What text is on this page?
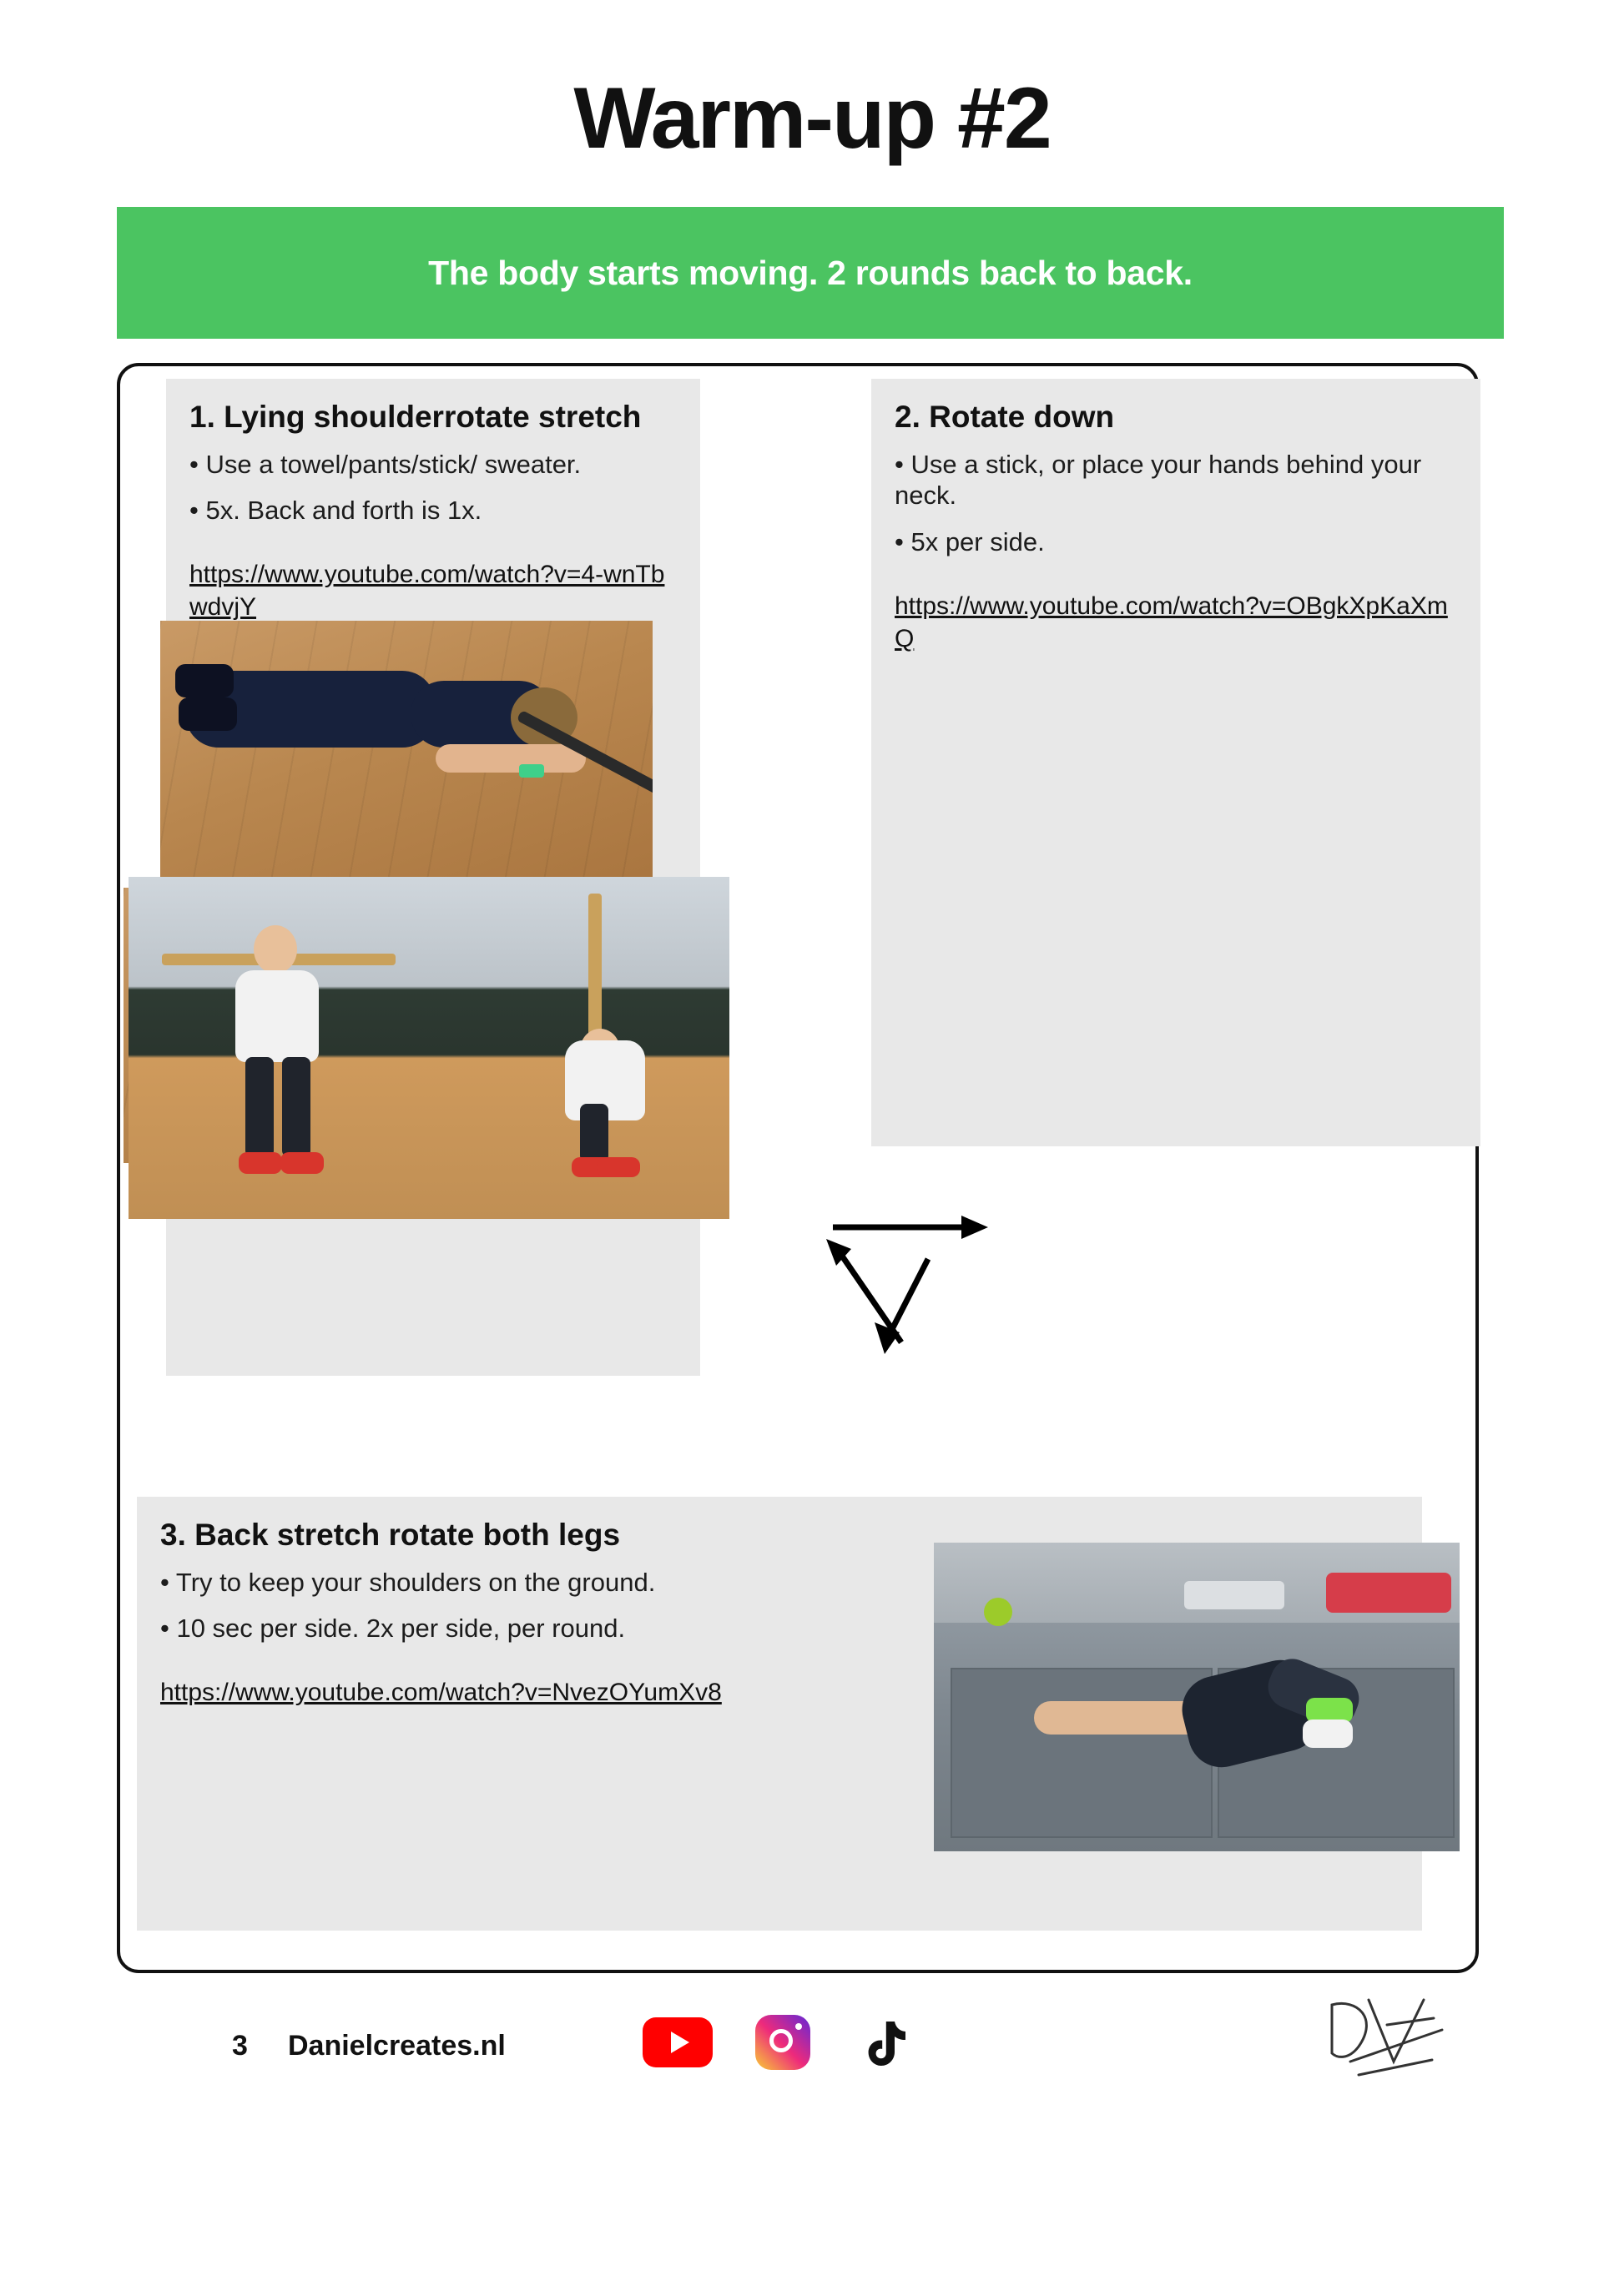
Warm-up #2
The body starts moving. 2 rounds back to back.
1. Lying shoulderrotate stretch
• Use a towel/pants/stick/ sweater.
• 5x. Back and forth is 1x.
https://www.youtube.com/watch?v=4-wnTbwdvjY
2. Rotate down
• Use a stick, or place your hands behind your neck.
• 5x per side.
https://www.youtube.com/watch?v=OBgkXpKaXmQ
3. Back stretch rotate both legs
• Try to keep your shoulders on the ground.
• 10 sec per side. 2x per side, per round.
https://www.youtube.com/watch?v=NvezOYumXv8
3 Danielcreates.nl
